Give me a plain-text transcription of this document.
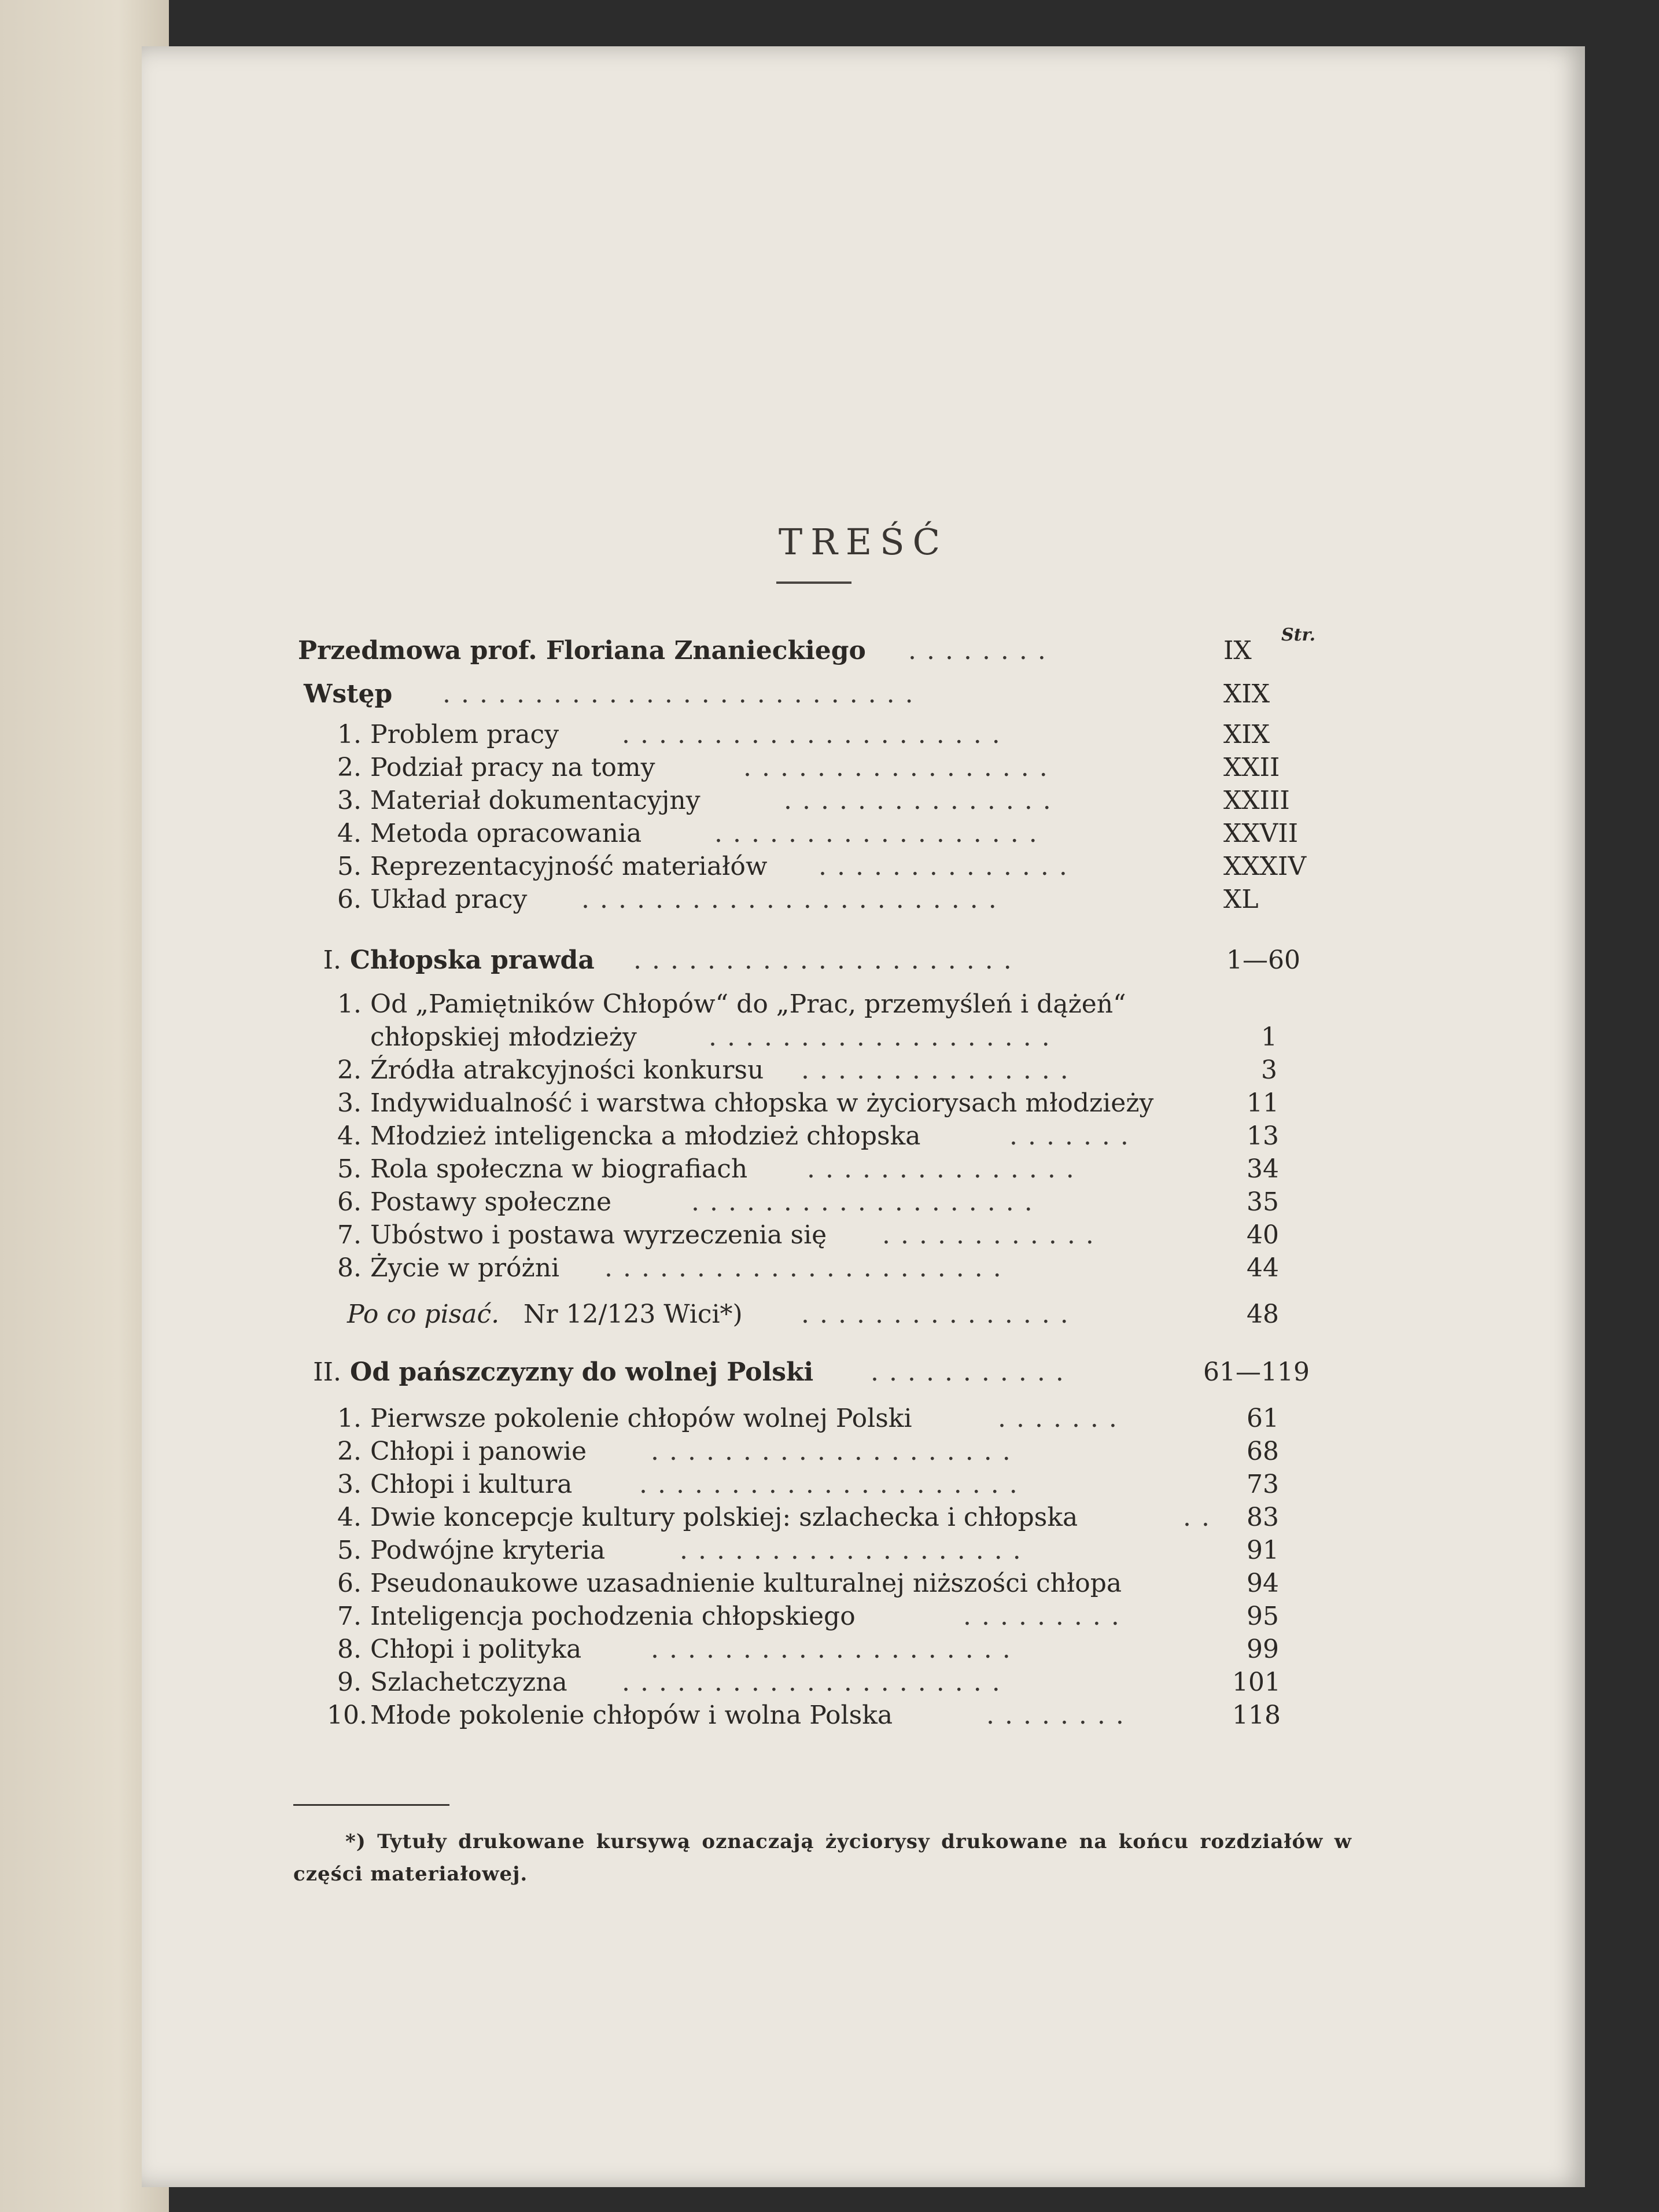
TREŚĆ
Str.
Przedmowa prof. Floriana Znanieckiego ........	IX
Wstęp ..........................	XIX
1. Problem pracy .....................	XIX
2. Podział pracy na tomy	.................	XXII
3. Materiał dokumentacyjny	...............	XXIII
4. Metoda opracowania	..................	XXVII
5. Reprezentacyjność materiałów ..............	XXXIV
6. Układ pracy .......................	XL
I. Chłopska prawda .....................	1—60
1. Od „Pamiętników Chłopów“ do „Prac, przemyśleń i dążeń“
chłopskiej młodzieży	...................	1
2. Źródła atrakcyjności konkursu ...............	3
3. Indywidualność i warstwa chłopska w życiorysach młodzieży	11
4. Młodzież inteligencka a młodzież chłopska	.......	13
5. Rola społeczna w biografiach ...............	34
6. Postawy społeczne	...................	35
7. Ubóstwo i postawa wyrzeczenia się ............	40
8. Życie w próżni ......................	44
Po co pisać. Nr 12/123 Wici*) ...............	48
II. Od pańszczyzny do wolnej Polski ...........	61—119
1. Pierwsze pokolenie chłopów wolnej Polski	.......	61
2. Chłopi i panowie	....................	68
3. Chłopi i kultura	.....................	73
4. Dwie koncepcje kultury polskiej: szlachecka i chłopska	..	83
5. Podwójne kryteria	...................	91
6. Pseudonaukowe uzasadnienie kulturalnej niższości chłopa	94
7. Inteligencja pochodzenia chłopskiego	.........	95
8. Chłopi i polityka	....................	99
9. Szlachetczyzna .....................	101
10. Młode pokolenie chłopów i wolna Polska	........	118
*) Tytuły drukowane kursywą oznaczają życiorysy drukowane na końcu rozdziałów w części materiałowej.
